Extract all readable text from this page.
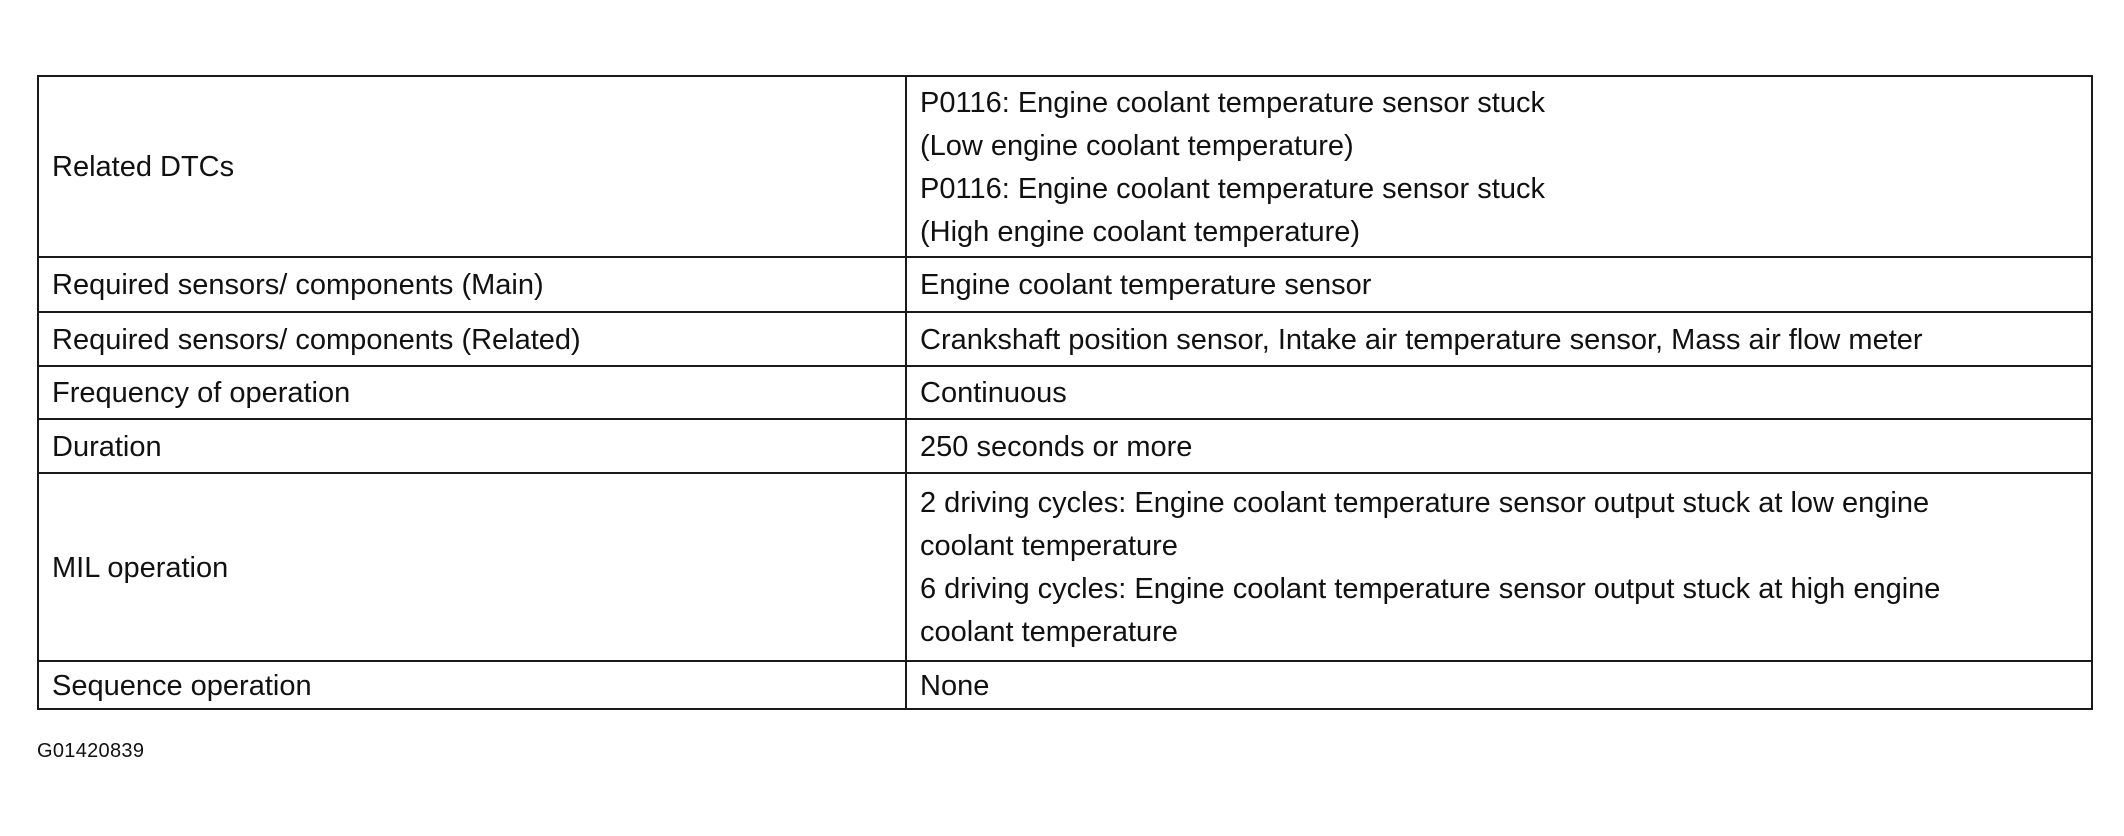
Related DTCs	P0116: Engine coolant temperature sensor stuck
(Low engine coolant temperature)
P0116: Engine coolant temperature sensor stuck
(High engine coolant temperature)

Required sensors/ components (Main)	Engine coolant temperature sensor
Required sensors/ components (Related)	Crankshaft position sensor, Intake air temperature sensor, Mass air flow meter
Frequency of operation	Continuous
Duration	250 seconds or more
MIL operation	2 driving cycles: Engine coolant temperature sensor output stuck at low engine
coolant temperature
6 driving cycles: Engine coolant temperature sensor output stuck at high engine
coolant temperature

Sequence operation	None
G01420839
